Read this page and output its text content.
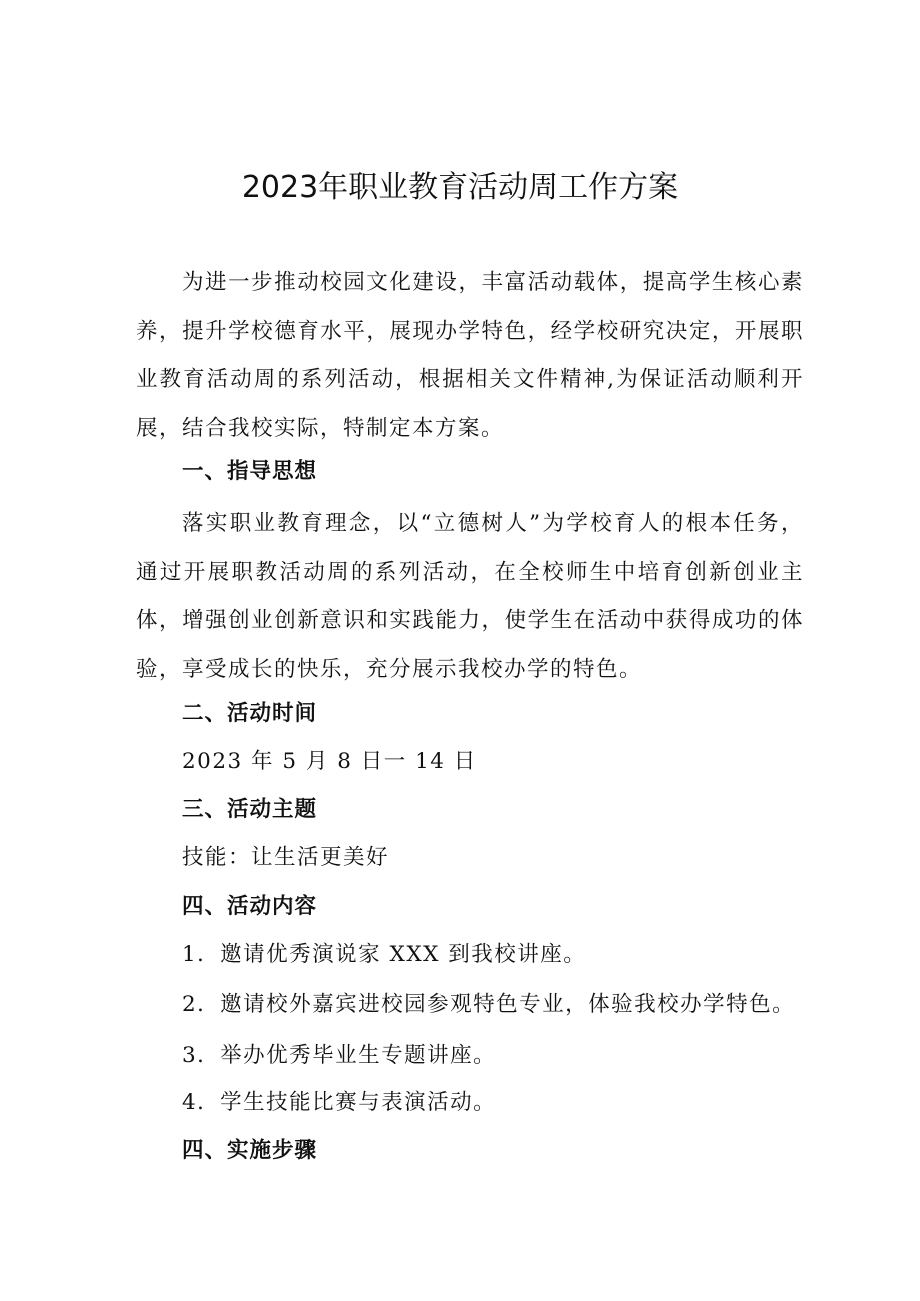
2023年职业教育活动周工作方案

为进一步推动校园文化建设，丰富活动载体，提高学生核心素养，提升学校德育水平，展现办学特色，经学校研究决定，开展职业教育活动周的系列活动，根据相关文件精神,为保证活动顺利开展，结合我校实际，特制定本方案。

一、指导思想

落实职业教育理念，以“立德树人”为学校育人的根本任务，通过开展职教活动周的系列活动，在全校师生中培育创新创业主体，增强创业创新意识和实践能力，使学生在活动中获得成功的体验，享受成长的快乐，充分展示我校办学的特色。

二、活动时间

2023 年 5 月 8 日一 14 日

三、活动主题

技能：让生活更美好

四、活动内容

1．邀请优秀演说家 XXX 到我校讲座。

2．邀请校外嘉宾进校园参观特色专业，体验我校办学特色。

3．举办优秀毕业生专题讲座。

4．学生技能比赛与表演活动。

四、实施步骤
